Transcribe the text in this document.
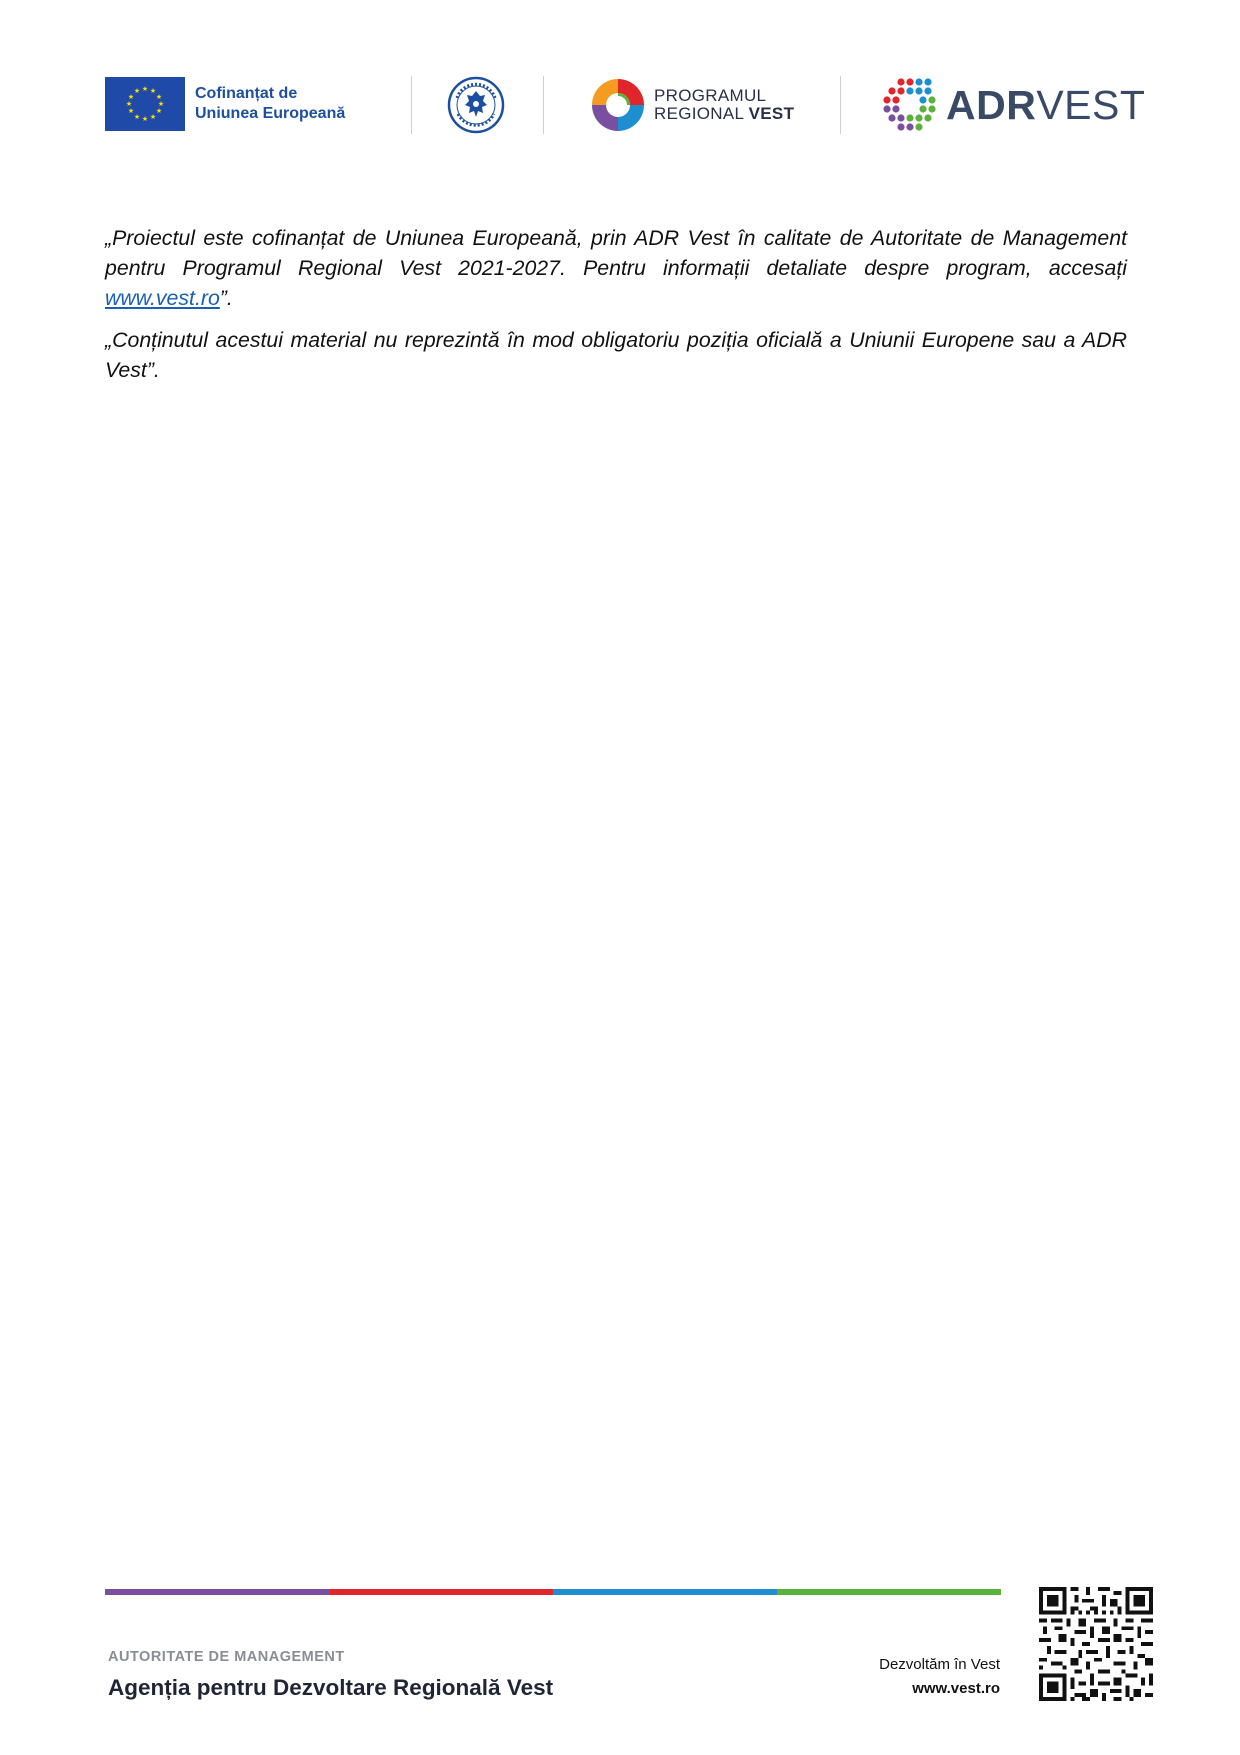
★ ★
★
★
★
★
★
★
★
★
★
★	Cofinanțat de
Uniunea Europeană
PROGRAMUL
REGIONAL VEST	ADRVEST

„Proiectul este cofinanțat de Uniunea Europeană, prin ADR Vest în calitate de Autoritate de Management pentru Programul Regional Vest 2021-2027. Pentru informații detaliate despre program, accesați www.vest.ro”.

„Conținutul acestui material nu reprezintă în mod obligatoriu poziția oficială a Uniunii Europene sau a ADR Vest”.

AUTORITATE DE MANAGEMENT
Agenția pentru Dezvoltare Regională Vest
Dezvoltăm în Vest
www.vest.ro
